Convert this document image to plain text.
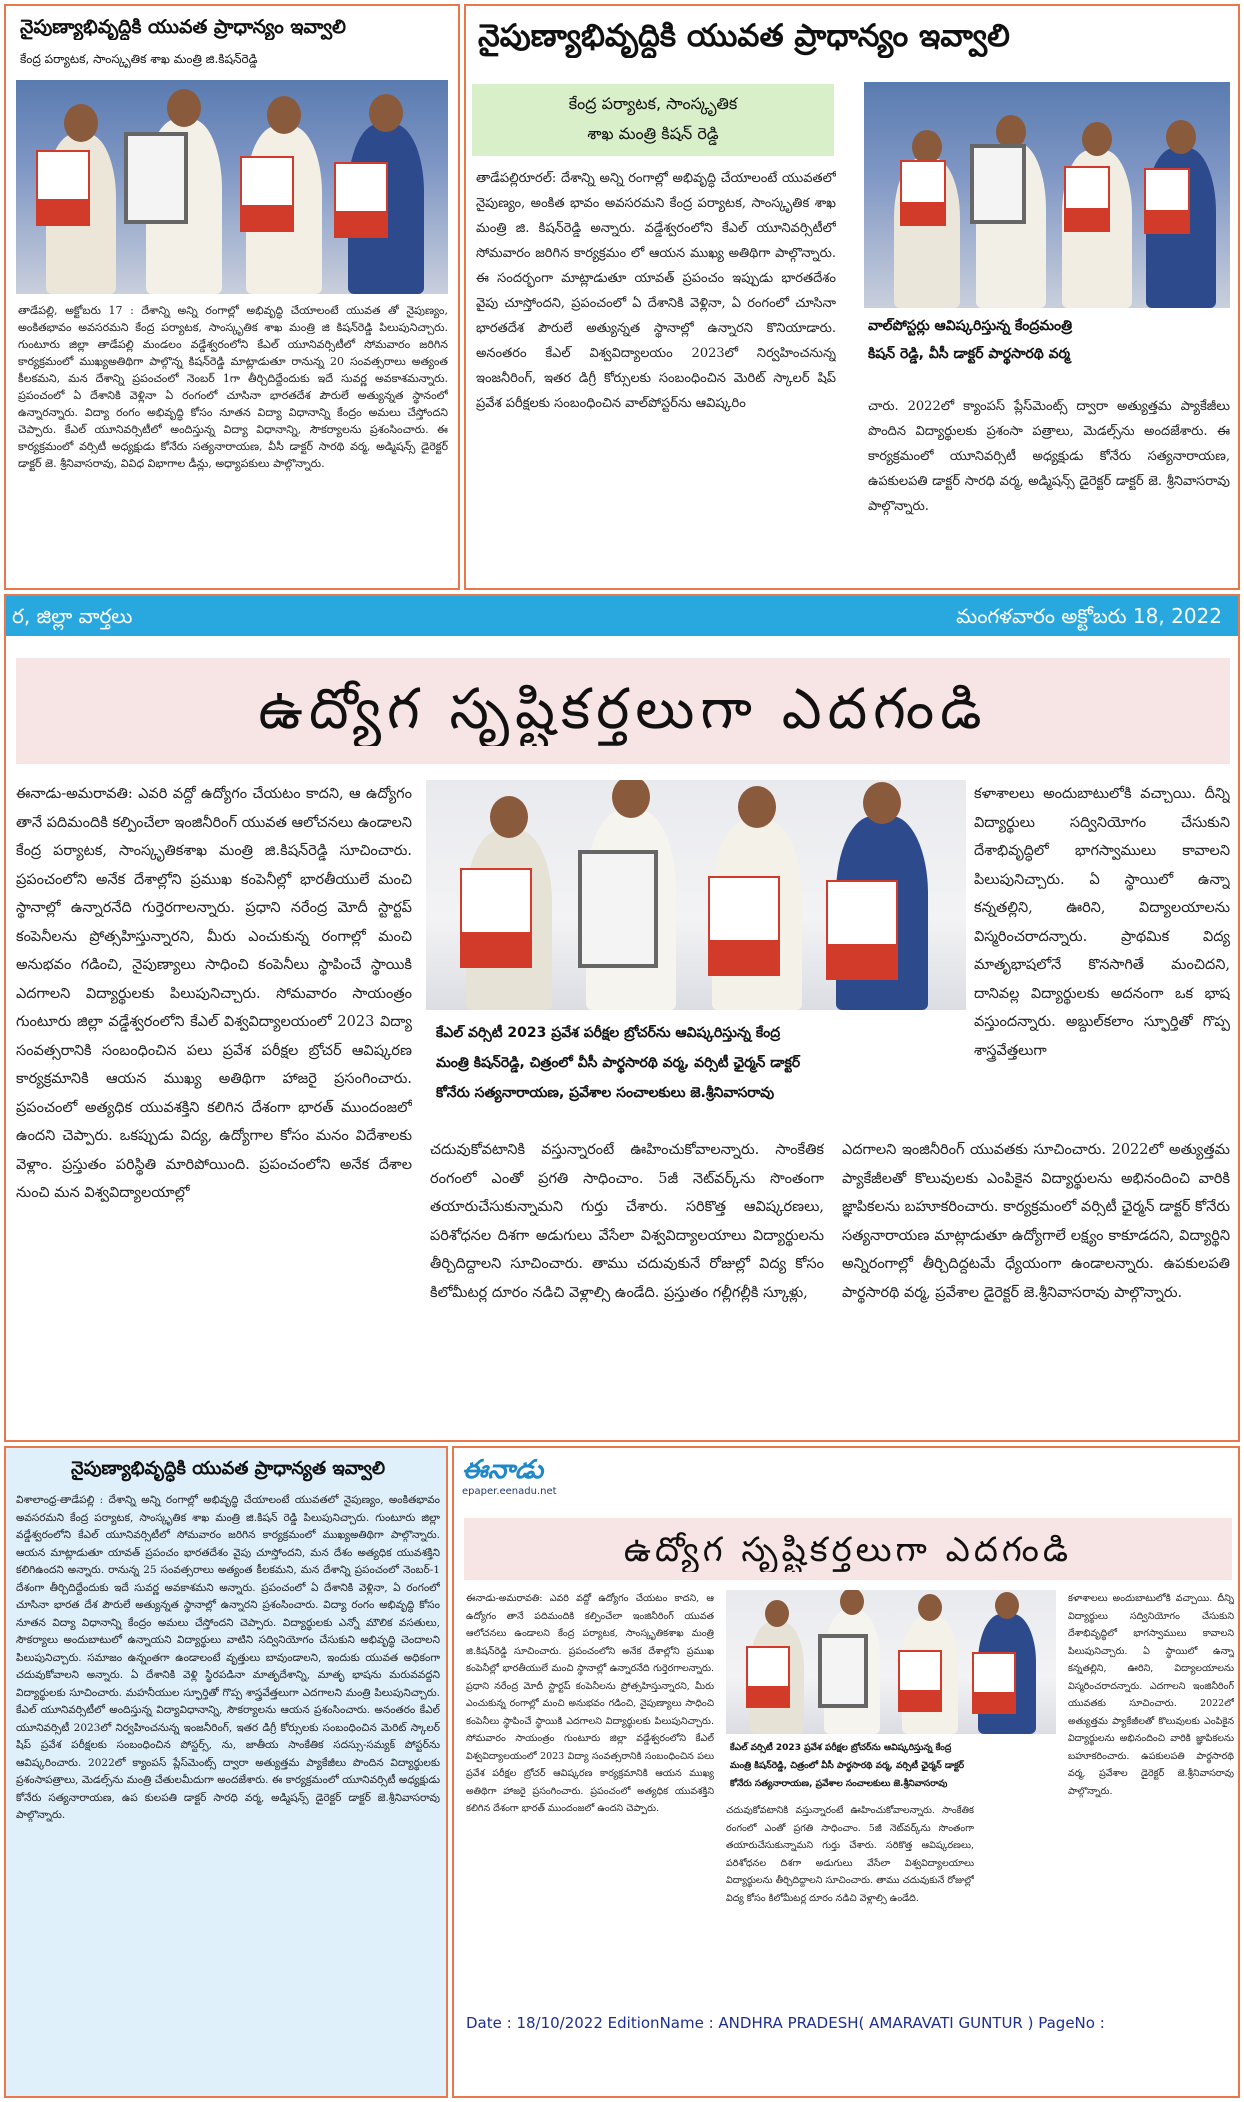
నైపుణ్యాభివృద్ధికి యువత ప్రాధాన్యం ఇవ్వాలి
కేంద్ర పర్యాటక, సాంస్కృతిక శాఖ మంత్రి జి.కిషన్‌రెడ్డి
తాడేపల్లి, అక్టోబరు 17 : దేశాన్ని అన్ని రంగాల్లో అభివృద్ధి చేయాలంటే యువత తో నైపుణ్యం, అంకితభావం అవసరమని కేంద్ర పర్యాటక, సాంస్కృతిక శాఖ మంత్రి జి కిషన్‌రెడ్డి పిలుపునిచ్చారు. గుంటూరు జిల్లా తాడేపల్లి మండలం వడ్డేశ్వరంలోని కేఎల్ యూనివర్సిటీలో సోమవారం జరిగిన కార్యక్రమంలో ముఖ్యఅతిథిగా పాల్గొన్న కిషన్‌రెడ్డి మాట్లాడుతూ రానున్న 20 సంవత్సరాలు అత్యంత కీలకమని, మన దేశాన్ని ప్రపంచంలో నెంబర్ 1గా తీర్చిదిద్దేందుకు ఇదే సువర్ణ అవకాశమన్నారు. ప్రపంచంలో ఏ దేశానికి వెళ్లినా ఏ రంగంలో చూసినా భారతదేశ పౌరులే అత్యున్నత స్థానంలో ఉన్నారన్నారు. విద్యా రంగం అభివృద్ధి కోసం నూతన విద్యా విధానాన్ని కేంద్రం అమలు చేస్తోందని చెప్పారు. కేఎల్ యూనివర్సిటీలో అందిస్తున్న విద్యా విధానాన్ని, సౌకర్యాలను ప్రశంసించారు. ఈ కార్యక్రమంలో వర్సిటీ అధ్యక్షుడు కోనేరు సత్యనారాయణ, వీసీ డాక్టర్ సారథి వర్మ, అడ్మిషన్స్ డైరెక్టర్ డాక్టర్ జె. శ్రీనివాసరావు, వివిధ విభాగాల డీన్లు, అధ్యాపకులు పాల్గొన్నారు.
నైపుణ్యాభివృద్ధికి యువత ప్రాధాన్యం ఇవ్వాలి
కేంద్ర పర్యాటక, సాంస్కృతిక
శాఖ మంత్రి కిషన్ రెడ్డి
తాడేపల్లిరూరల్: దేశాన్ని అన్ని రంగాల్లో అభివృద్ధి చేయాలంటే యువతలో నైపుణ్యం, అంకిత భావం అవసరమని కేంద్ర పర్యాటక, సాంస్కృతిక శాఖ మంత్రి జి. కిషన్‌రెడ్డి అన్నారు. వడ్డేశ్వరంలోని కేఎల్ యూనివర్సిటీలో సోమవారం జరిగిన కార్యక్రమం లో ఆయన ముఖ్య అతిథిగా పాల్గొన్నారు. ఈ సందర్భంగా మాట్లాడుతూ యావత్ ప్రపంచం ఇప్పుడు భారతదేశం వైపు చూస్తోందని, ప్రపంచంలో ఏ దేశానికి వెళ్లినా, ఏ రంగంలో చూసినా భారతదేశ పౌరులే అత్యున్నత స్థానాల్లో ఉన్నారని కొనియాడారు. అనంతరం కేఎల్ విశ్వవిద్యాలయం 2023లో నిర్వహించనున్న ఇంజనీరింగ్, ఇతర డిగ్రీ కోర్సులకు సంబంధించిన మెరిట్ స్కాలర్ షిప్ ప్రవేశ పరీక్షలకు సంబంధించిన వాల్‌పోస్టర్‌ను ఆవిష్కరిం
వాల్‌పోస్టర్లు ఆవిష్కరిస్తున్న కేంద్రమంత్రి
కిషన్ రెడ్డి, వీసీ డాక్టర్ పార్థసారథి వర్మ
చారు. 2022లో క్యాంపస్ ప్లేస్‌మెంట్స్ ద్వారా అత్యుత్తమ ప్యాకేజీలు పొందిన విద్యార్థులకు ప్రశంసా పత్రాలు, మెడల్స్‌ను అందజేశారు. ఈ కార్యక్రమంలో యూనివర్సిటీ అధ్యక్షుడు కోనేరు సత్యనారాయణ, ఉపకులపతి డాక్టర్ సారధి వర్మ, అడ్మిషన్స్ డైరెక్టర్ డాక్టర్ జె. శ్రీనివాసరావు పాల్గొన్నారు.
ర, జిల్లా వార్తలు	మంగళవారం అక్టోబరు 18, 2022
ఉద్యోగ సృష్టికర్తలుగా ఎదగండి
ఈనాడు-అమరావతి: ఎవరి వద్దో ఉద్యోగం చేయటం కాదని, ఆ ఉద్యోగం తానే పదిమందికి కల్పించేలా ఇంజినీరింగ్ యువత ఆలోచనలు ఉండాలని కేంద్ర పర్యాటక, సాంస్కృతికశాఖ మంత్రి జి.కిషన్‌రెడ్డి సూచించారు. ప్రపంచంలోని అనేక దేశాల్లోని ప్రముఖ కంపెనీల్లో భారతీయులే మంచి స్థానాల్లో ఉన్నారనేది గుర్తెరగాలన్నారు. ప్రధాని నరేంద్ర మోదీ స్టార్టప్ కంపెనీలను ప్రోత్సహిస్తున్నారని, మీరు ఎంచుకున్న రంగాల్లో మంచి అనుభవం గడించి, నైపుణ్యాలు సాధించి కంపెనీలు స్థాపించే స్థాయికి ఎదగాలని విద్యార్థులకు పిలుపునిచ్చారు. సోమవారం సాయంత్రం గుంటూరు జిల్లా వడ్డేశ్వరంలోని కేఎల్ విశ్వవిద్యాలయంలో 2023 విద్యా సంవత్సరానికి సంబంధించిన పలు ప్రవేశ పరీక్షల బ్రోచర్ ఆవిష్కరణ కార్యక్రమానికి ఆయన ముఖ్య అతిథిగా హాజరై ప్రసంగించారు. ప్రపంచంలో అత్యధిక యువశక్తిని కలిగిన దేశంగా భారత్ ముందంజలో ఉందని చెప్పారు. ఒకప్పుడు విద్య, ఉద్యోగాల కోసం మనం విదేశాలకు వెళ్లాం. ప్రస్తుతం పరిస్థితి మారిపోయింది. ప్రపంచంలోని అనేక దేశాల నుంచి మన విశ్వవిద్యాలయాల్లో
కేఎల్ వర్సిటీ 2023 ప్రవేశ పరీక్షల బ్రోచర్‌ను ఆవిష్కరిస్తున్న కేంద్ర
మంత్రి కిషన్‌రెడ్డి, చిత్రంలో వీసీ పార్థసారథి వర్మ, వర్సిటీ ఛైర్మన్ డాక్టర్
కోనేరు సత్యనారాయణ, ప్రవేశాల సంచాలకులు జె.శ్రీనివాసరావు
చదువుకోవటానికి వస్తున్నారంటే ఊహించుకోవాలన్నారు. సాంకేతిక రంగంలో ఎంతో ప్రగతి సాధించాం. 5జీ నెట్‌వర్క్‌ను సొంతంగా తయారుచేసుకున్నామని గుర్తు చేశారు. సరికొత్త ఆవిష్కరణలు, పరిశోధనల దిశగా అడుగులు వేసేలా విశ్వవిద్యాలయాలు విద్యార్థులను తీర్చిదిద్దాలని సూచించారు. తాము చదువుకునే రోజుల్లో విద్య కోసం కిలోమీటర్ల దూరం నడిచి వెళ్లాల్సి ఉండేది. ప్రస్తుతం గల్లీగల్లీకి స్కూళ్లు,
కళాశాలలు అందుబాటులోకి వచ్చాయి. దీన్ని విద్యార్థులు సద్వినియోగం చేసుకుని దేశాభివృద్ధిలో భాగస్వాములు కావాలని పిలుపునిచ్చారు. ఏ స్థాయిలో ఉన్నా కన్నతల్లిని, ఊరిని, విద్యాలయాలను విస్మరించరాదన్నారు. ప్రాథమిక విద్య మాతృభాషలోనే కొనసాగితే మంచిదని, దానివల్ల విద్యార్థులకు అదనంగా ఒక భాష వస్తుందన్నారు. అబ్దుల్‌కలాం స్ఫూర్తితో గొప్ప శాస్త్రవేత్తలుగా
ఎదగాలని ఇంజినీరింగ్ యువతకు సూచించారు. 2022లో అత్యుత్తమ ప్యాకేజీలతో కొలువులకు ఎంపికైన విద్యార్థులను అభినందించి వారికి జ్ఞాపికలను బహూకరించారు. కార్యక్రమంలో వర్సిటీ ఛైర్మన్ డాక్టర్ కోనేరు సత్యనారాయణ మాట్లాడుతూ ఉద్యోగాలే లక్ష్యం కాకూడదని, విద్యార్థిని అన్నిరంగాల్లో తీర్చిదిద్దటమే ధ్యేయంగా ఉండాలన్నారు. ఉపకులపతి పార్థసారథి వర్మ, ప్రవేశాల డైరెక్టర్ జె.శ్రీనివాసరావు పాల్గొన్నారు.
నైపుణ్యాభివృద్ధికి యువత ప్రాధాన్యత ఇవ్వాలి
విశాలాంధ్ర-తాడేపల్లి : దేశాన్ని అన్ని రంగాల్లో అభివృద్ధి చేయాలంటే యువతలో నైపుణ్యం, అంకితభావం అవసరమని కేంద్ర పర్యాటక, సాంస్కృతిక శాఖ మంత్రి జి.కిషన్ రెడ్డి పిలుపునిచ్చారు. గుంటూరు జిల్లా వడ్డేశ్వరంలోని కేఎల్ యూనివర్సిటీలో సోమవారం జరిగిన కార్యక్రమంలో ముఖ్యఅతిథిగా పాల్గొన్నారు. ఆయన మాట్లాడుతూ యావత్ ప్రపంచం భారతదేశం వైపు చూస్తోందని, మన దేశం అత్యధిక యువశక్తిని కలిగిఉందని అన్నారు. రానున్న 25 సంవత్సరాలు అత్యంత కీలకమని, మన దేశాన్ని ప్రపంచంలో నెంబర్-1 దేశంగా తీర్చిదిద్దేందుకు ఇదే సువర్ణ అవకాశమని అన్నారు. ప్రపంచంలో ఏ దేశానికి వెళ్లినా, ఏ రంగంలో చూసినా భారత దేశ పౌరులే అత్యున్నత స్థానాల్లో ఉన్నారని ప్రశంసించారు. విద్యా రంగం అభివృద్ధి కోసం నూతన విద్యా విధానాన్ని కేంద్రం అమలు చేస్తోందని చెప్పారు. విద్యార్థులకు ఎన్నో మౌలిక వసతులు, సౌకర్యాలు అందుబాటులో ఉన్నాయని విద్యార్థులు వాటిని సద్వినియోగం చేసుకుని అభివృద్ధి చెందాలని పిలుపునిచ్చారు. సమాజం ఉన్నంతగా ఉండాలంటే వృత్తులు బావుండాలని, ఇందుకు యువత అధికంగా చదువుకోవాలని అన్నారు. ఏ దేశానికి వెళ్లి స్థిరపడినా మాతృదేశాన్ని, మాతృ భాషను మరువవద్దని విద్యార్థులకు సూచించారు. మహనీయుల స్ఫూర్తితో గొప్ప శాస్త్రవేత్తలుగా ఎదగాలని మంత్రి పిలుపునిచ్చారు. కేఎల్ యూనివర్సిటీలో అందిస్తున్న విద్యావిధానాన్ని, సౌకర్యాలను ఆయన ప్రశంసించారు. అనంతరం కేఎల్ యూనివర్సిటీ 2023లో నిర్వహించనున్న ఇంజనీరింగ్, ఇతర డిగ్రీ కోర్సులకు సంబంధించిన మెరిట్ స్కాలర్ షిప్ ప్రవేశ పరీక్షలకు సంబంధించిన పోస్టర్స్, ను, జాతీయ సాంకేతిక సదస్సు-సమ్యక్ పోస్టర్‌ను ఆవిష్కరించారు. 2022లో క్యాంపస్ ప్లేస్‌మెంట్స్ ద్వారా అత్యుత్తమ ప్యాకేజీలు పొందిన విద్యార్థులకు ప్రశంసాపత్రాలు, మెడల్స్‌ను మంత్రి చేతులమీదుగా అందజేశారు. ఈ కార్యక్రమంలో యూనివర్సిటీ అధ్యక్షుడు కోనేరు సత్యనారాయణ, ఉప కులపతి డాక్టర్ సారధి వర్మ, అడ్మిషన్స్ డైరెక్టర్ డాక్టర్ జె.శ్రీనివాసరావు పాల్గొన్నారు.
ఈనాడు
epaper.eenadu.net
ఉద్యోగ సృష్టికర్తలుగా ఎదగండి
ఈనాడు-అమరావతి: ఎవరి వద్దో ఉద్యోగం చేయటం కాదని, ఆ ఉద్యోగం తానే పదిమందికి కల్పించేలా ఇంజినీరింగ్ యువత ఆలోచనలు ఉండాలని కేంద్ర పర్యాటక, సాంస్కృతికశాఖ మంత్రి జి.కిషన్‌రెడ్డి సూచించారు. ప్రపంచంలోని అనేక దేశాల్లోని ప్రముఖ కంపెనీల్లో భారతీయులే మంచి స్థానాల్లో ఉన్నారనేది గుర్తెరగాలన్నారు. ప్రధాని నరేంద్ర మోదీ స్టార్టప్ కంపెనీలను ప్రోత్సహిస్తున్నారని, మీరు ఎంచుకున్న రంగాల్లో మంచి అనుభవం గడించి, నైపుణ్యాలు సాధించి కంపెనీలు స్థాపించే స్థాయికి ఎదగాలని విద్యార్థులకు పిలుపునిచ్చారు. సోమవారం సాయంత్రం గుంటూరు జిల్లా వడ్డేశ్వరంలోని కేఎల్ విశ్వవిద్యాలయంలో 2023 విద్యా సంవత్సరానికి సంబంధించిన పలు ప్రవేశ పరీక్షల బ్రోచర్ ఆవిష్కరణ కార్యక్రమానికి ఆయన ముఖ్య అతిథిగా హాజరై ప్రసంగించారు. ప్రపంచంలో అత్యధిక యువశక్తిని కలిగిన దేశంగా భారత్ ముందంజలో ఉందని చెప్పారు.
కేఎల్ వర్సిటీ 2023 ప్రవేశ పరీక్షల బ్రోచర్‌ను ఆవిష్కరిస్తున్న కేంద్ర
మంత్రి కిషన్‌రెడ్డి, చిత్రంలో వీసీ పార్థసారథి వర్మ, వర్సిటీ ఛైర్మన్ డాక్టర్
కోనేరు సత్యనారాయణ, ప్రవేశాల సంచాలకులు జె.శ్రీనివాసరావు
చదువుకోవటానికి వస్తున్నారంటే ఊహించుకోవాలన్నారు. సాంకేతిక రంగంలో ఎంతో ప్రగతి సాధించాం. 5జీ నెట్‌వర్క్‌ను సొంతంగా తయారుచేసుకున్నామని గుర్తు చేశారు. సరికొత్త ఆవిష్కరణలు, పరిశోధనల దిశగా అడుగులు వేసేలా విశ్వవిద్యాలయాలు విద్యార్థులను తీర్చిదిద్దాలని సూచించారు. తాము చదువుకునే రోజుల్లో విద్య కోసం కిలోమీటర్ల దూరం నడిచి వెళ్లాల్సి ఉండేది.
కళాశాలలు అందుబాటులోకి వచ్చాయి. దీన్ని విద్యార్థులు సద్వినియోగం చేసుకుని దేశాభివృద్ధిలో భాగస్వాములు కావాలని పిలుపునిచ్చారు. ఏ స్థాయిలో ఉన్నా కన్నతల్లిని, ఊరిని, విద్యాలయాలను విస్మరించరాదన్నారు. ఎదగాలని ఇంజినీరింగ్ యువతకు సూచించారు. 2022లో అత్యుత్తమ ప్యాకేజీలతో కొలువులకు ఎంపికైన విద్యార్థులను అభినందించి వారికి జ్ఞాపికలను బహూకరించారు. ఉపకులపతి పార్థసారథి వర్మ, ప్రవేశాల డైరెక్టర్ జె.శ్రీనివాసరావు పాల్గొన్నారు.
Date : 18/10/2022 EditionName : ANDHRA PRADESH( AMARAVATI GUNTUR ) PageNo :
